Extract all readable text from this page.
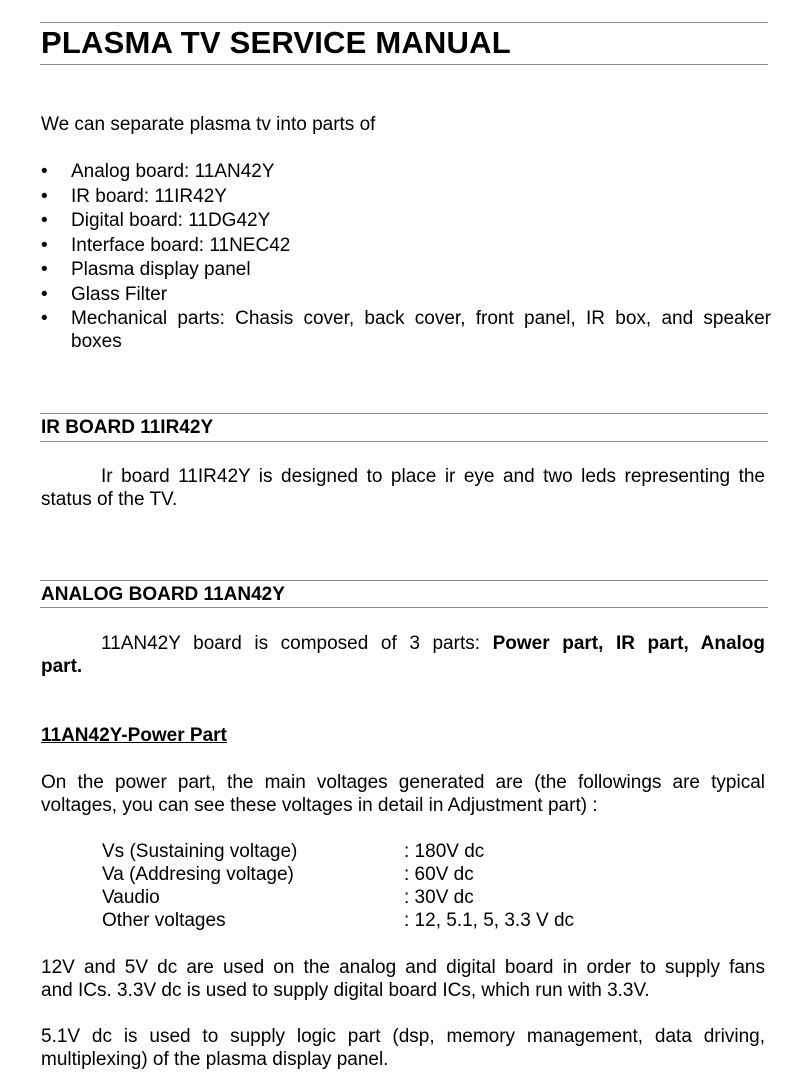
PLASMA TV SERVICE MANUAL

We can separate plasma tv into parts of

• Analog board: 11AN42Y
• IR board: 11IR42Y
• Digital board: 11DG42Y
• Interface board: 11NEC42
• Plasma display panel
• Glass Filter
• Mechanical parts: Chasis cover, back cover, front panel, IR box, and speaker boxes
IR BOARD 11IR42Y

Ir board 11IR42Y is designed to place ir eye and two leds representing the

status of the TV.

ANALOG BOARD 11AN42Y

11AN42Y board is composed of 3 parts: Power part, IR part, Analog

part.

11AN42Y-Power Part

On the power part, the main voltages generated are (the followings are typical

voltages, you can see these voltages in detail in Adjustment part) :

Vs (Sustaining voltage)	: 180V dc
Va (Addresing voltage)	: 60V dc
Vaudio	: 30V dc
Other voltages	: 12, 5.1, 5, 3.3 V dc

12V and 5V dc are used on the analog and digital board in order to supply fans

and ICs. 3.3V dc is used to supply digital board ICs, which run with 3.3V.

5.1V dc is used to supply logic part (dsp, memory management, data driving,

multiplexing) of the plasma display panel.
